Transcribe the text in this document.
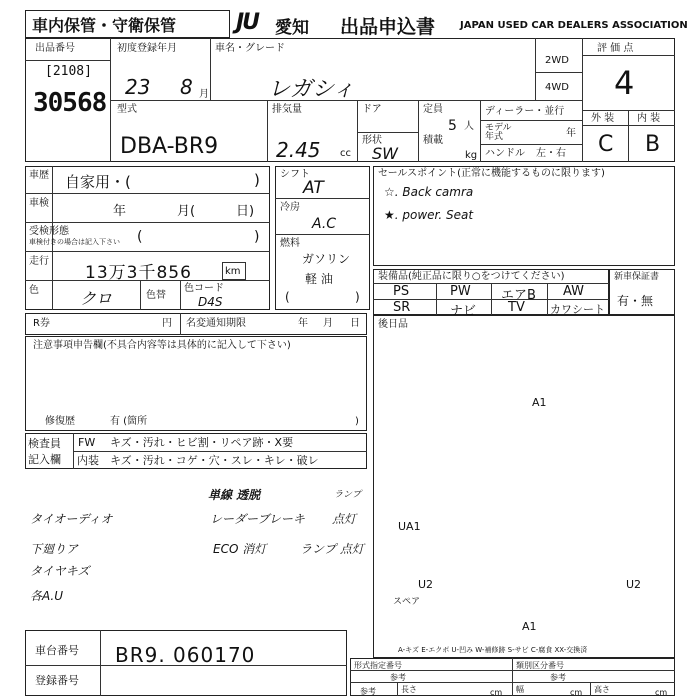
車内保管・守衛保管	JU 愛知 出品申込書 JAPAN USED CAR DEALERS ASSOCIATION
出品番号
[2108]
30568
初度登録年月
23 8 月
車名・グレード
レガシィ
2WD
4WD
評 価 点
4
型式
DBA-BR9
排気量
2.45 cc
ドア
形状
SW
定員
5 人
積載
kg
ディーラー・並行
モデル
年式	年
ハンドル 左・右
外 装 内 装
C B
車歴 自家用・(	)
車検
年	月(	日)
受検形態
車検付きの場合は記入下さい (	)
走行
13万3千856	km
色	クロ	色替
色コード
D4S
シフト
AT
冷房
A.C
燃料
ガソリン
軽 油
(	)
セールスポイント(正常に機能するものに限ります)
☆. Back camra
★. power. Seat
装備品(純正品に限り○をつけてください)
PS	PW エアB AW
SR	ナビ TV カワシート
新車保証書
有・無
R券	円 名変通知期限	年 月 日
注意事項申告欄(不具合内容等は具体的に記入して下さい)
修復歴	有 (箇所	)
後日品
検査員
記入欄
FW キズ・汚れ・ヒビ割・リペア跡・X要
内装 キズ・汚れ・コゲ・穴・スレ・キレ・破レ
単線 透脱	ランプ
レーダーブレーキ 点灯
タイオーディオ
下廻りア	ECO 消灯	ランプ 点灯
タイヤキズ
各A.U
A1
UA1
U2	U2
A1
スペア
A-キズ E-エクボ U-凹み W-補修跡 S-サビ C-腐食 XX-交換済
車台番号 BR9. 060170
登録番号
形式指定番号	類別区分番号
参考	参考
参考	長さ	cm 幅	cm 高さ	cm
